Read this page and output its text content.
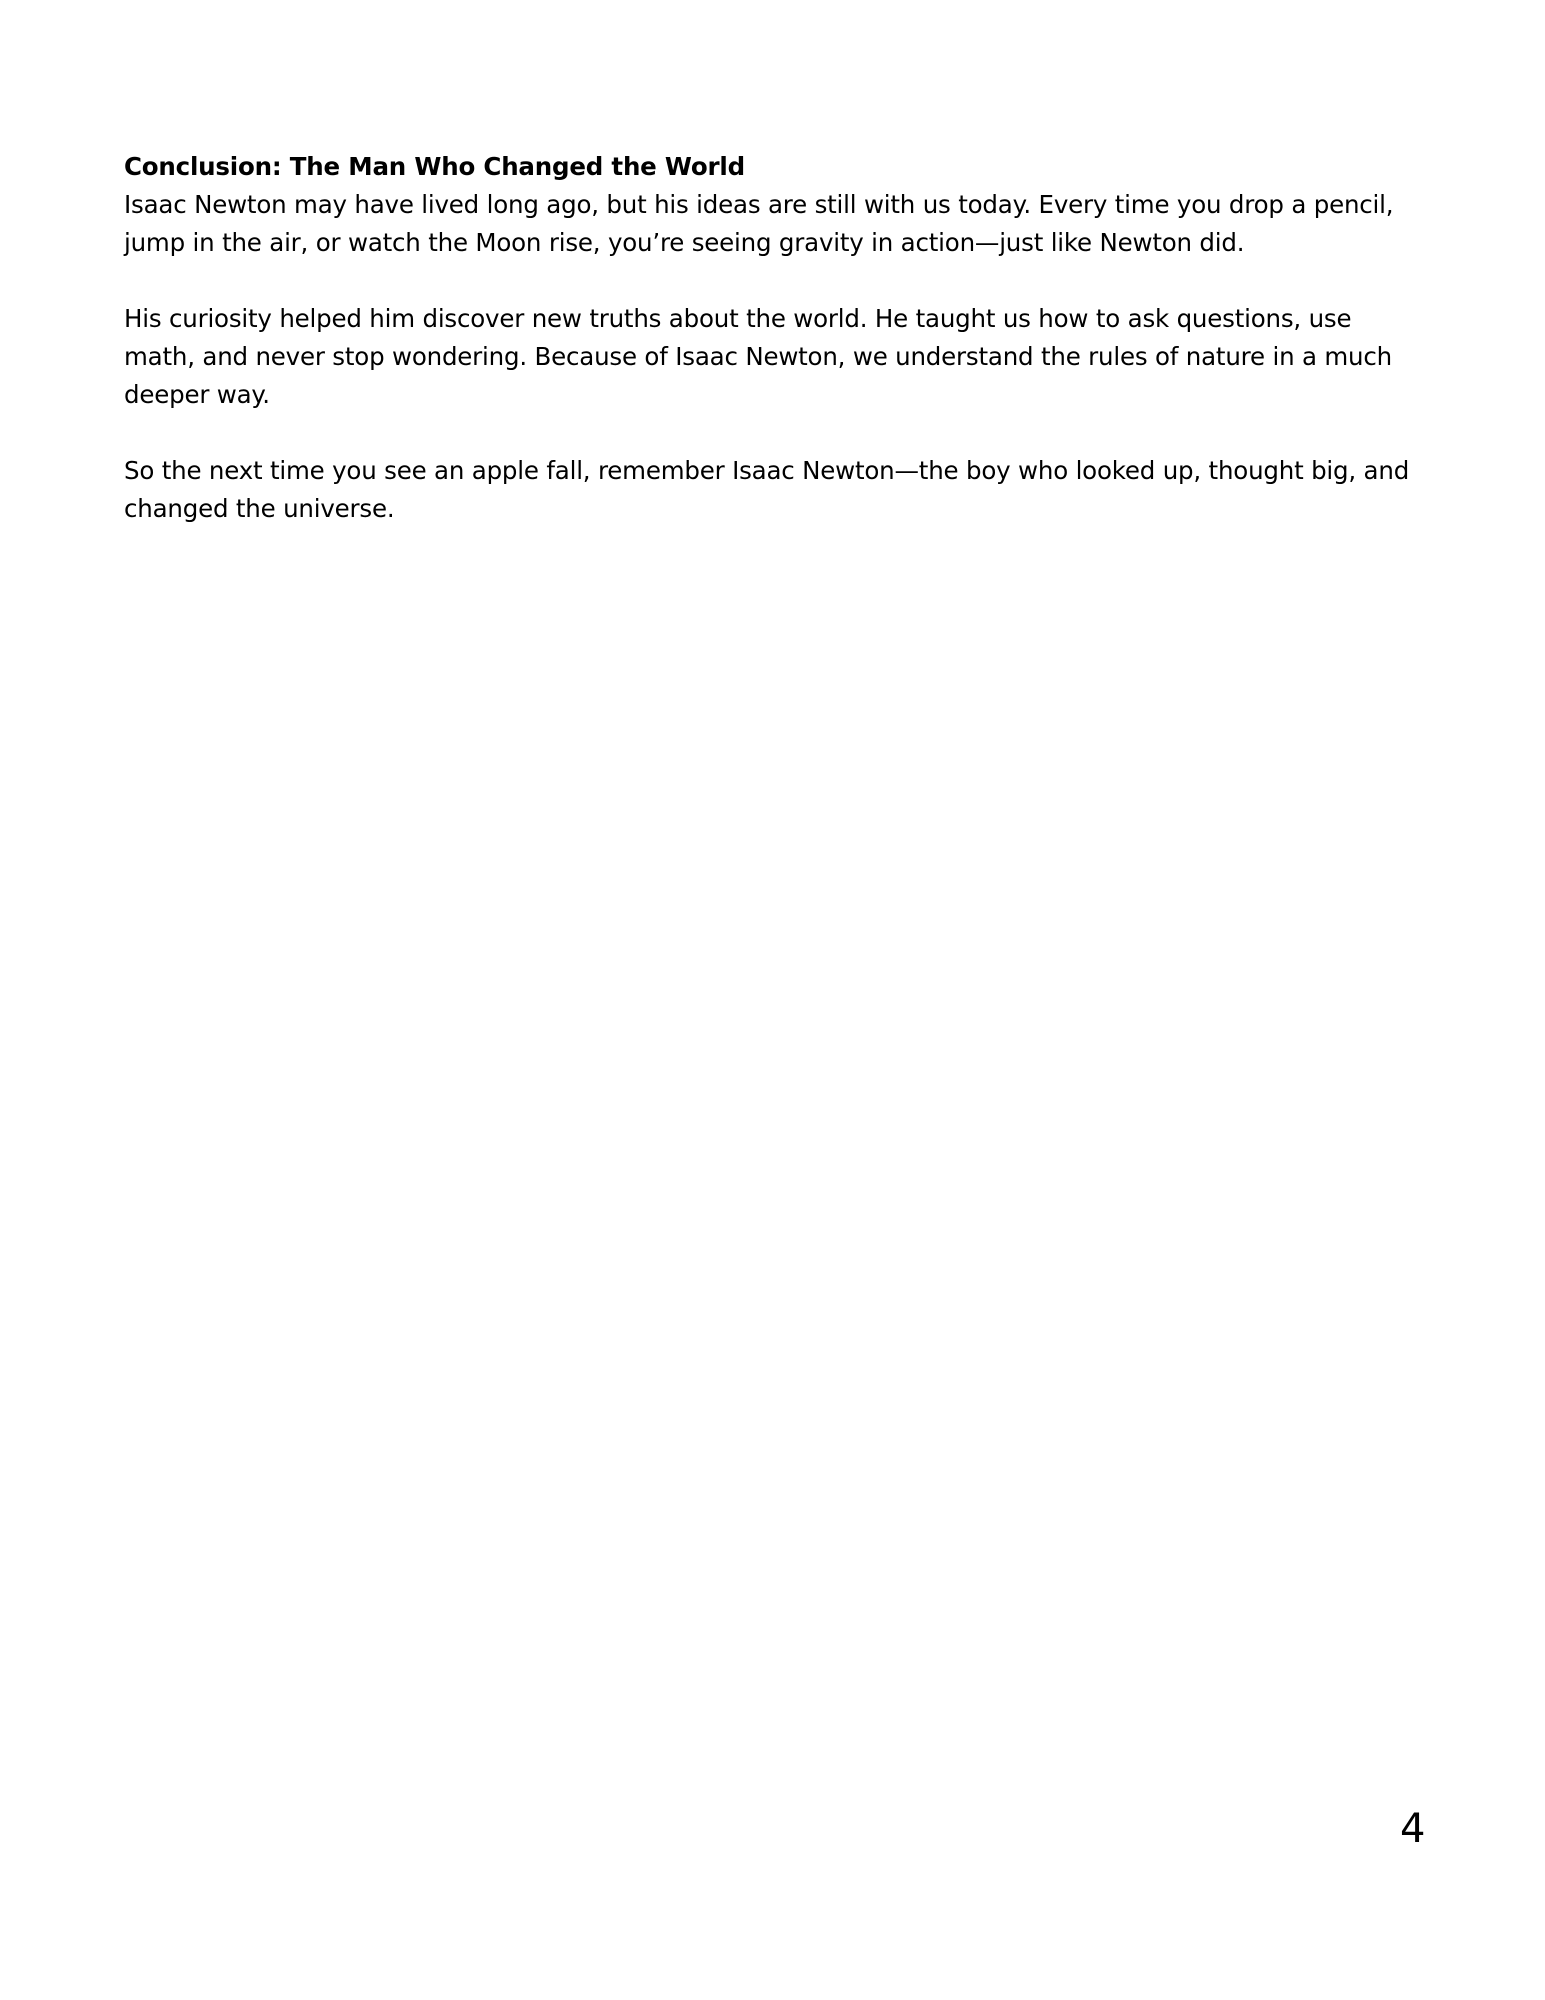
Conclusion: The Man Who Changed the World

Isaac Newton may have lived long ago, but his ideas are still with us today. Every time you drop a pencil, jump in the air, or watch the Moon rise, you’re seeing gravity in action—just like Newton did.

His curiosity helped him discover new truths about the world. He taught us how to ask questions, use math, and never stop wondering. Because of Isaac Newton, we understand the rules of nature in a much deeper way.

So the next time you see an apple fall, remember Isaac Newton—the boy who looked up, thought big, and changed the universe.

4
